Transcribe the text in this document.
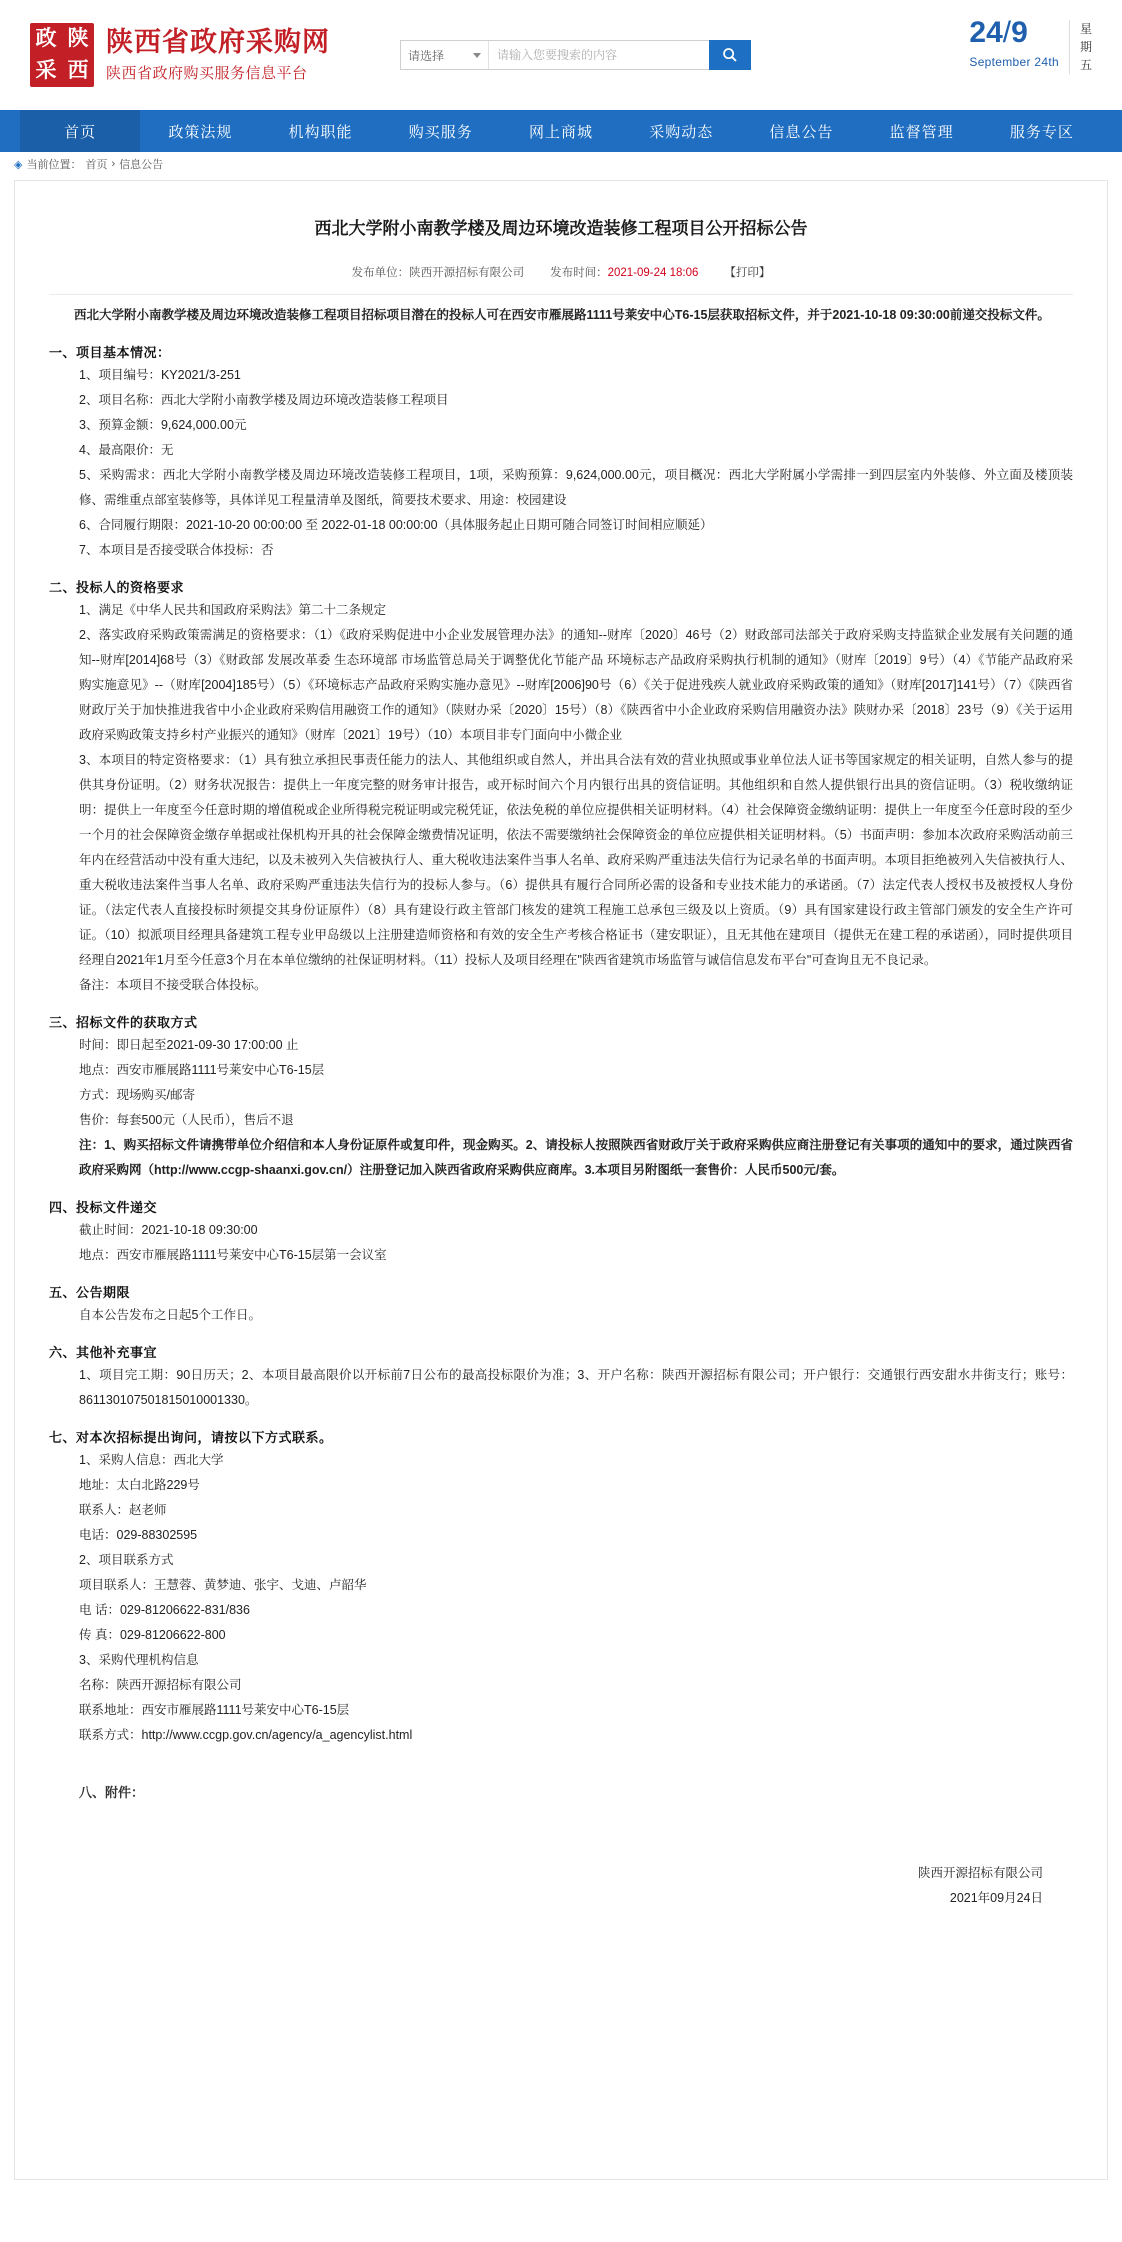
政 陕
采 西
陕西省政府采购网
陕西省政府购买服务信息平台
请选择
请输入您要搜索的内容
24/9
September 24th
星
期
五
首页	政策法规	机构职能	购买服务	网上商城	采购动态	信息公告	监督管理	服务专区
◈ 当前位置： 首页 › 信息公告
西北大学附小南教学楼及周边环境改造装修工程项目公开招标公告
发布单位：陕西开源招标有限公司 发布时间：2021-09-24 18:06 【打印】

西北大学附小南教学楼及周边环境改造装修工程项目招标项目潜在的投标人可在西安市雁展路1111号莱安中心T6-15层获取招标文件，并于2021-10-18 09:30:00前递交投标文件。

一、项目基本情况：
1、项目编号：KY2021/3-251
2、项目名称：西北大学附小南教学楼及周边环境改造装修工程项目
3、预算金额：9,624,000.00元
4、最高限价：无
5、采购需求：西北大学附小南教学楼及周边环境改造装修工程项目，1项，采购预算：9,624,000.00元，项目概况：西北大学附属小学需排一到四层室内外装修、外立面及楼顶装修、需维重点部室装修等，具体详见工程量清单及图纸，简要技术要求、用途：校园建设
6、合同履行期限：2021-10-20 00:00:00 至 2022-01-18 00:00:00（具体服务起止日期可随合同签订时间相应顺延）
7、本项目是否接受联合体投标：否
二、投标人的资格要求
1、满足《中华人民共和国政府采购法》第二十二条规定
2、落实政府采购政策需满足的资格要求：（1）《政府采购促进中小企业发展管理办法》的通知--财库〔2020〕46号（2）财政部司法部关于政府采购支持监狱企业发展有关问题的通知--财库[2014]68号（3）《财政部 发展改革委 生态环境部 市场监管总局关于调整优化节能产品 环境标志产品政府采购执行机制的通知》（财库〔2019〕9号）（4）《节能产品政府采购实施意见》--（财库[2004]185号）（5）《环境标志产品政府采购实施办意见》--财库[2006]90号（6）《关于促进残疾人就业政府采购政策的通知》（财库[2017]141号）（7）《陕西省财政厅关于加快推进我省中小企业政府采购信用融资工作的通知》（陕财办采〔2020〕15号）（8）《陕西省中小企业政府采购信用融资办法》陕财办采〔2018〕23号（9）《关于运用政府采购政策支持乡村产业振兴的通知》（财库〔2021〕19号）（10）本项目非专门面向中小微企业
3、本项目的特定资格要求：（1）具有独立承担民事责任能力的法人、其他组织或自然人，并出具合法有效的营业执照或事业单位法人证书等国家规定的相关证明，自然人参与的提供其身份证明。（2）财务状况报告：提供上一年度完整的财务审计报告，或开标时间六个月内银行出具的资信证明。其他组织和自然人提供银行出具的资信证明。（3）税收缴纳证明：提供上一年度至今任意时期的增值税或企业所得税完税证明或完税凭证，依法免税的单位应提供相关证明材料。（4）社会保障资金缴纳证明：提供上一年度至今任意时段的至少一个月的社会保障资金缴存单据或社保机构开具的社会保障金缴费情况证明，依法不需要缴纳社会保障资金的单位应提供相关证明材料。（5）书面声明：参加本次政府采购活动前三年内在经营活动中没有重大违纪，以及未被列入失信被执行人、重大税收违法案件当事人名单、政府采购严重违法失信行为记录名单的书面声明。本项目拒绝被列入失信被执行人、重大税收违法案件当事人名单、政府采购严重违法失信行为的投标人参与。（6）提供具有履行合同所必需的设备和专业技术能力的承诺函。（7）法定代表人授权书及被授权人身份证。（法定代表人直接投标时须提交其身份证原件）（8）具有建设行政主管部门核发的建筑工程施工总承包三级及以上资质。（9）具有国家建设行政主管部门颁发的安全生产许可证。（10）拟派项目经理具备建筑工程专业甲岛级以上注册建造师资格和有效的安全生产考核合格证书（建安职证），且无其他在建项目（提供无在建工程的承诺函），同时提供项目经理自2021年1月至今任意3个月在本单位缴纳的社保证明材料。（11）投标人及项目经理在"陕西省建筑市场监管与诚信信息发布平台"可查询且无不良记录。
备注：本项目不接受联合体投标。
三、招标文件的获取方式
时间：即日起至2021-09-30 17:00:00 止
地点：西安市雁展路1111号莱安中心T6-15层
方式：现场购买/邮寄
售价：每套500元（人民币），售后不退
注：1、购买招标文件请携带单位介绍信和本人身份证原件或复印件，现金购买。2、请投标人按照陕西省财政厅关于政府采购供应商注册登记有关事项的通知中的要求，通过陕西省政府采购网（http://www.ccgp-shaanxi.gov.cn/）注册登记加入陕西省政府采购供应商库。3.本项目另附图纸一套售价：人民币500元/套。
四、投标文件递交
截止时间：2021-10-18 09:30:00
地点：西安市雁展路1111号莱安中心T6-15层第一会议室
五、公告期限
自本公告发布之日起5个工作日。
六、其他补充事宜
1、项目完工期：90日历天；2、本项目最高限价以开标前7日公布的最高投标限价为准；3、开户名称：陕西开源招标有限公司；开户银行：交通银行西安甜水井街支行；账号：861130107501815010001330。
七、对本次招标提出询问，请按以下方式联系。
1、采购人信息：西北大学
地址：太白北路229号
联系人：赵老师
电话：029-88302595
2、项目联系方式
项目联系人：王慧蓉、黄梦迪、张宇、戈迪、卢韶华
电 话：029-81206622-831/836
传 真：029-81206622-800
3、采购代理机构信息
名称：陕西开源招标有限公司
联系地址：西安市雁展路1111号莱安中心T6-15层
联系方式：http://www.ccgp.gov.cn/agency/a_agencylist.html
八、附件：
陕西开源招标有限公司
2021年09月24日
